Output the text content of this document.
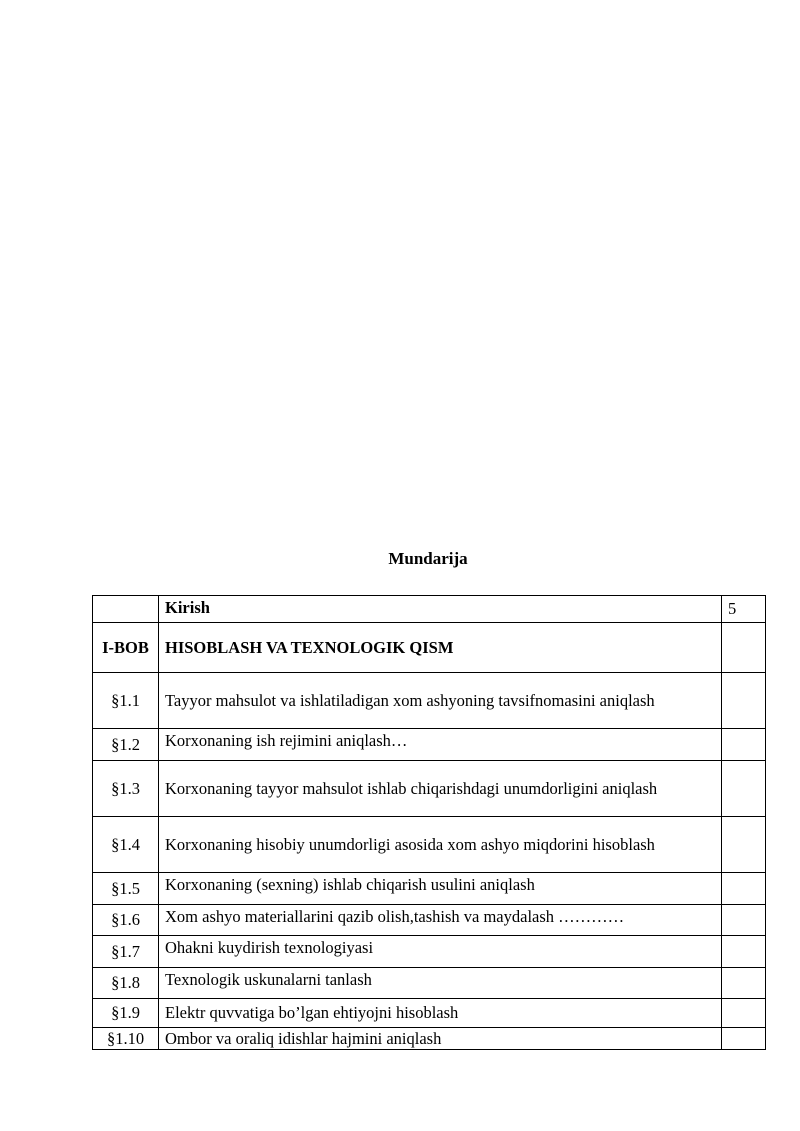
Mundarija
	Kirish	5
I-BOB	HISOBLASH VA TEXNOLOGIK QISM	
§1.1	Tayyor mahsulot va ishlatiladigan xom ashyoning tavsifnomasini aniqlash	
§1.2	Korxonaning ish rejimini aniqlash…	
§1.3	Korxonaning tayyor mahsulot ishlab chiqarishdagi unumdorligini aniqlash	
§1.4	Korxonaning hisobiy unumdorligi asosida xom ashyo miqdorini hisoblash	
§1.5	Korxonaning (sexning) ishlab chiqarish usulini aniqlash	
§1.6	Xom ashyo materiallarini qazib olish,tashish va maydalash …………	
§1.7	Ohakni kuydirish texnologiyasi	
§1.8	Texnologik uskunalarni tanlash	
§1.9	Elektr quvvatiga bo’lgan ehtiyojni hisoblash	
§1.10	Ombor va oraliq idishlar hajmini aniqlash	
